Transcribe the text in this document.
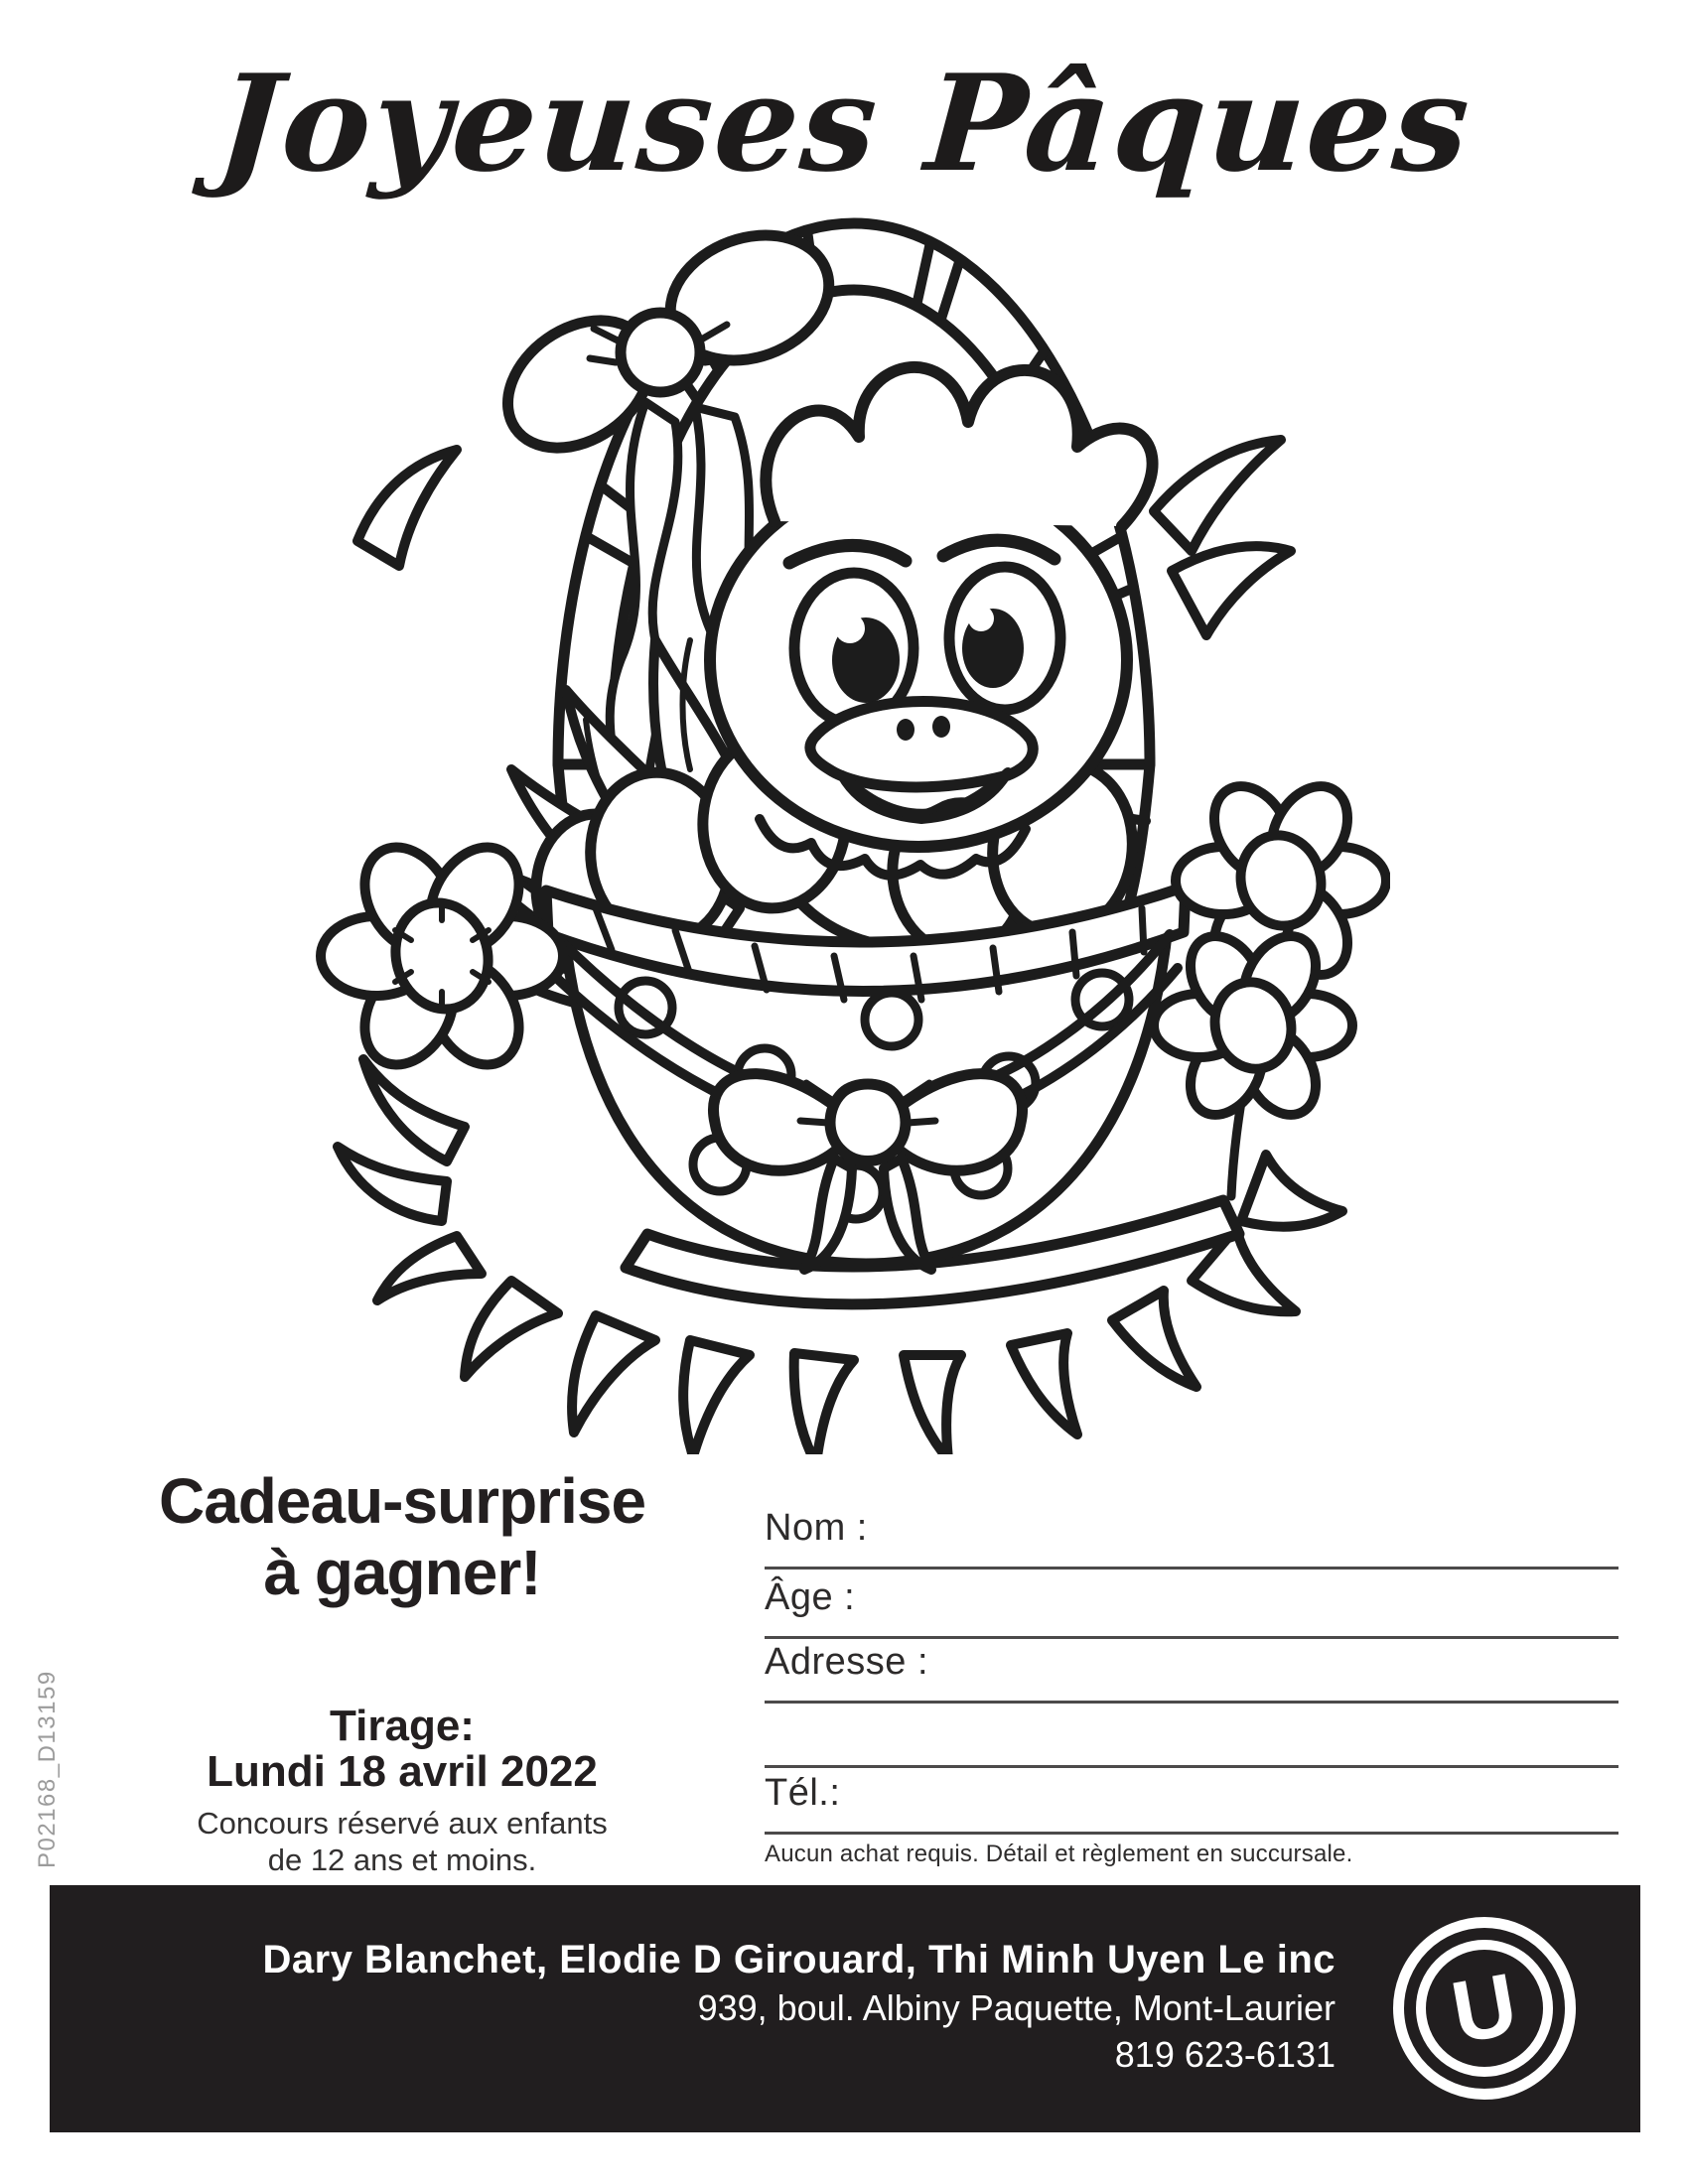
Joyeuses Pâques
Cadeau-surprise
à gagner!
Tirage:
Lundi 18 avril 2022
Concours réservé aux enfants
de 12 ans et moins.
Nom :
Âge :
Adresse :
Tél.:
Aucun achat requis. Détail et règlement en succursale.
Dary Blanchet, Elodie D Girouard, Thi Minh Uyen Le inc
939, boul. Albiny Paquette, Mont-Laurier
819 623-6131 U
P02168_D13159
